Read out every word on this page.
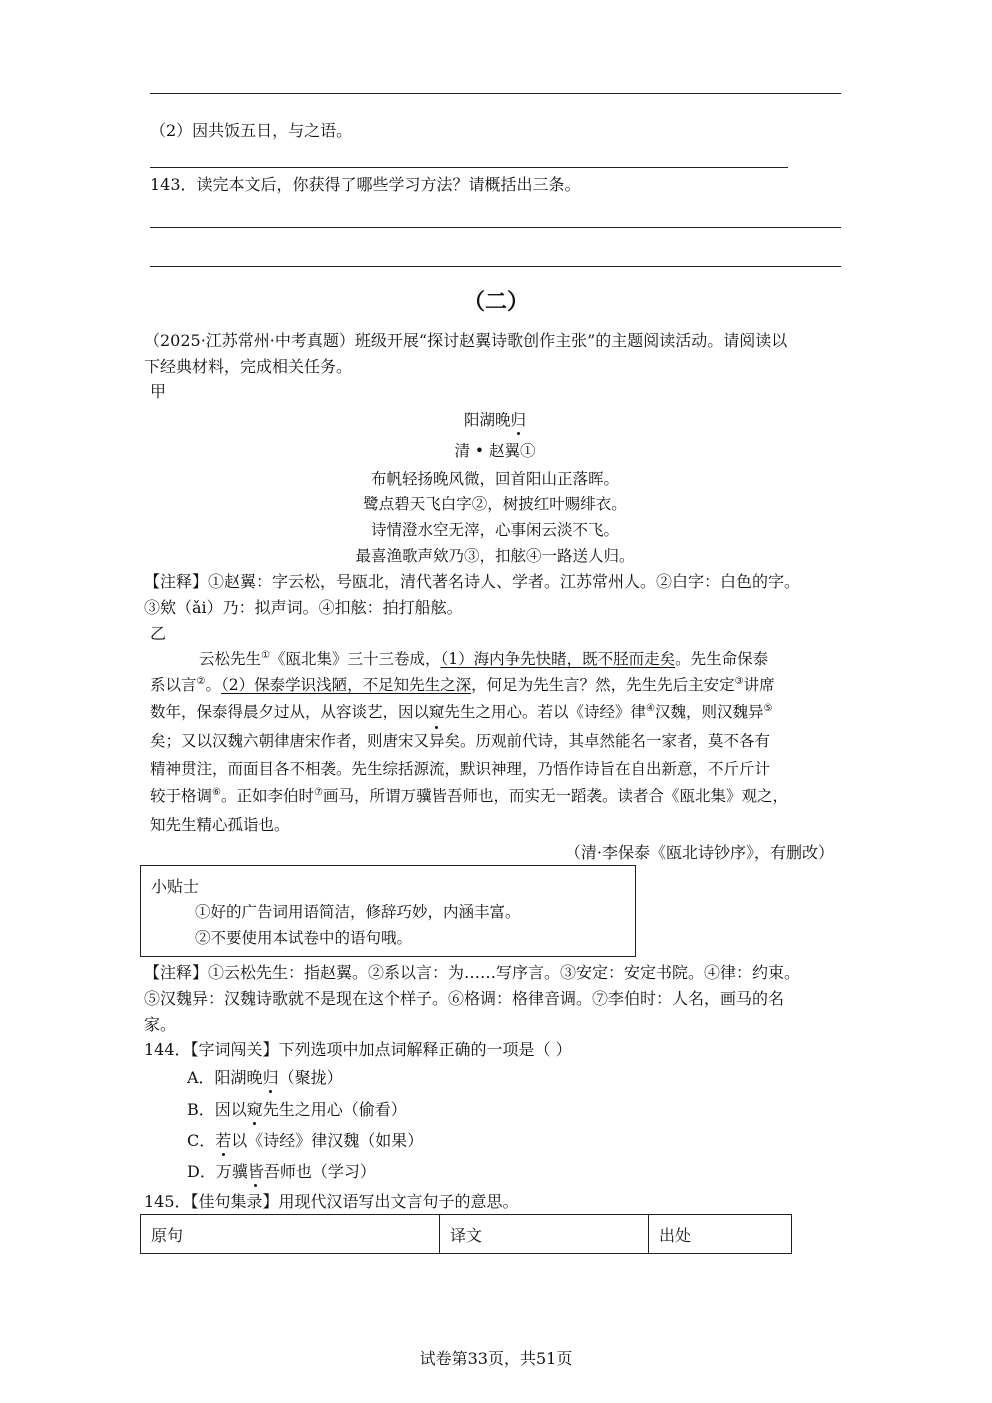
（2）因共饭五日，与之语。
143．读完本文后，你获得了哪些学习方法？请概括出三条。
（二）
（2025·江苏常州·中考真题）班级开展“探讨赵翼诗歌创作主张”的主题阅读活动。请阅读以
下经典材料，完成相关任务。
甲
阳湖晚归
清 • 赵翼①
布帆轻扬晚风微，回首阳山正落晖。
鹭点碧天飞白字②，树披红叶赐绯衣。
诗情澄水空无滓，心事闲云淡不飞。
最喜渔歌声欸乃③，扣舷④一路送人归。
【注释】①赵翼：字云松，号瓯北，清代著名诗人、学者。江苏常州人。②白字：白色的字。
③欸（ǎi）乃：拟声词。④扣舷：拍打船舷。
乙
云松先生①《瓯北集》三十三卷成，（1）海内争先快睹，既不胫而走矣。先生命保泰
系以言②。（2）保泰学识浅陋，不足知先生之深，何足为先生言？然，先生先后主安定③讲席
数年，保泰得晨夕过从，从容谈艺，因以窥先生之用心。若以《诗经》律④汉魏，则汉魏异⑤
矣；又以汉魏六朝律唐宋作者，则唐宋又异矣。历观前代诗，其卓然能名一家者，莫不各有
精神贯注，而面目各不相袭。先生综括源流，默识神理，乃悟作诗旨在自出新意，不斤斤计
较于格调⑥。正如李伯时⑦画马，所谓万骥皆吾师也，而实无一蹈袭。读者合《瓯北集》观之，
知先生精心孤诣也。
（清·李保泰《瓯北诗钞序》，有删改）
小贴士
①好的广告词用语简洁，修辞巧妙，内涵丰富。
②不要使用本试卷中的语句哦。
【注释】①云松先生：指赵翼。②系以言：为……写序言。③安定：安定书院。④律：约束。
⑤汉魏异：汉魏诗歌就不是现在这个样子。⑥格调：格律音调。⑦李伯时：人名，画马的名
家。
144．【字词闯关】下列选项中加点词解释正确的一项是（ ）
A．阳湖晚归（聚拢）
B．因以窥先生之用心（偷看）
C．若以《诗经》律汉魏（如果）
D．万骥皆吾师也（学习）
145．【佳句集录】用现代汉语写出文言句子的意思。
原句	译文	出处
试卷第33页，共51页
